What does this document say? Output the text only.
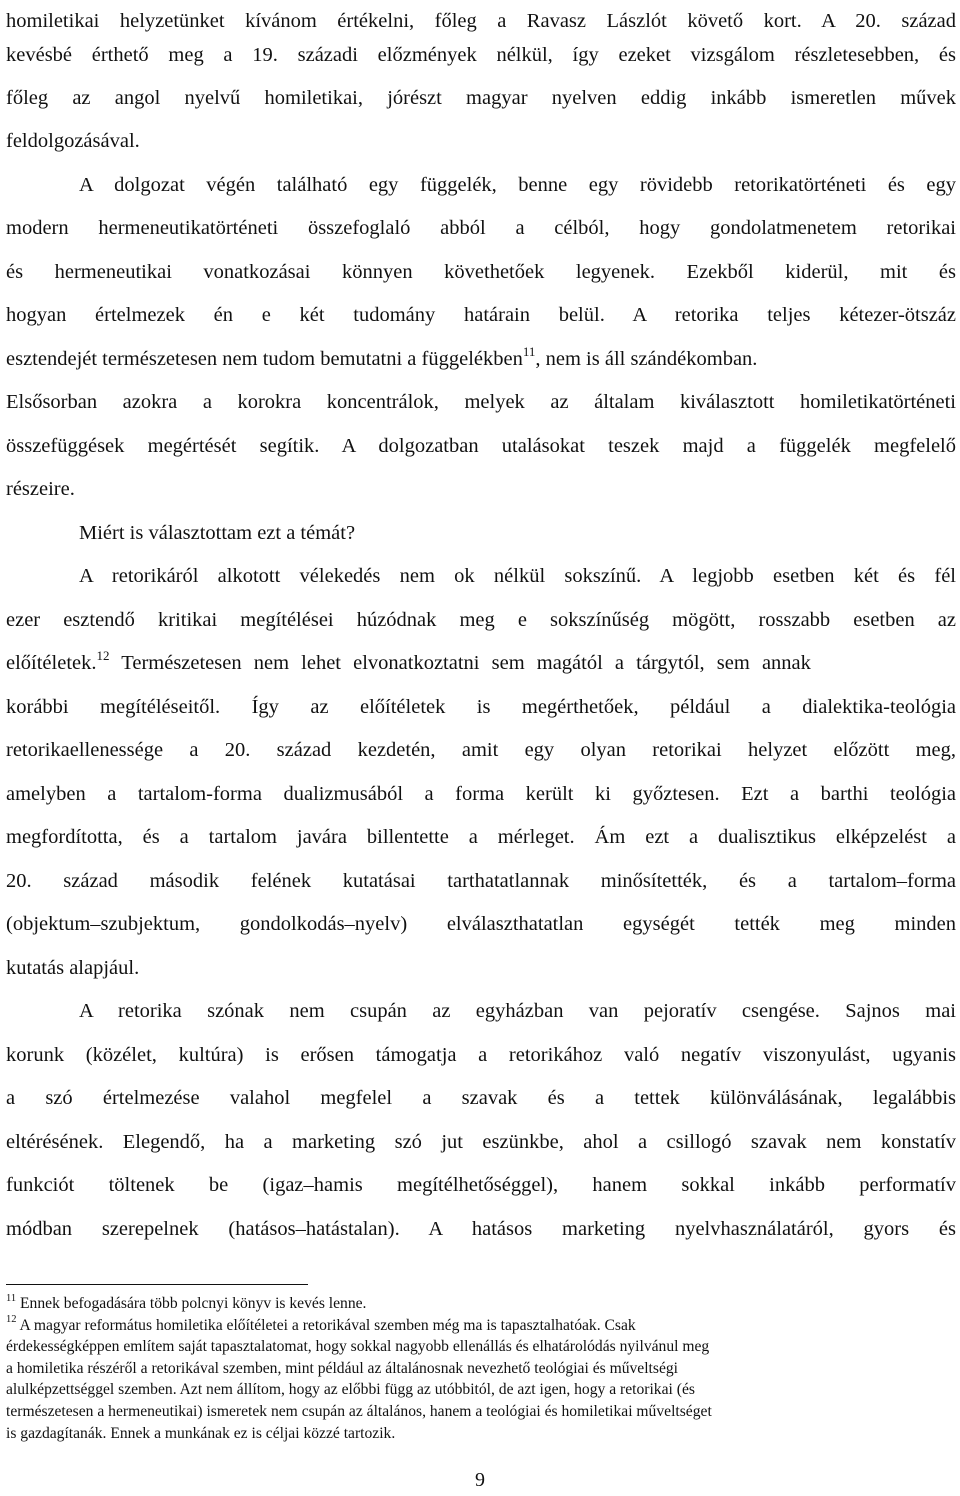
homiletikai helyzetünket kívánom értékelni, főleg a Ravasz Lászlót követő kort. A 20. század
kevésbé érthető meg a 19. századi előzmények nélkül, így ezeket vizsgálom részletesebben, és
főleg az angol nyelvű homiletikai, jórészt magyar nyelven eddig inkább ismeretlen művek
feldolgozásával.
A dolgozat végén található egy függelék, benne egy rövidebb retorikatörténeti és egy
modern hermeneutikatörténeti összefoglaló abból a célból, hogy gondolatmenetem retorikai
és hermeneutikai vonatkozásai könnyen követhetőek legyenek. Ezekből kiderül, mit és
hogyan értelmezek én e két tudomány határain belül. A retorika teljes kétezer-ötszáz
esztendejét természetesen nem tudom bemutatni a függelékben$^{11}$, nem is áll szándékomban.
Elsősorban azokra a korokra koncentrálok, melyek az általam kiválasztott homiletikatörténeti
összefüggések megértését segítik. A dolgozatban utalásokat teszek majd a függelék megfelelő
részeire.
Miért is választottam ezt a témát?
A retorikáról alkotott vélekedés nem ok nélkül sokszínű. A legjobb esetben két és fél
ezer esztendő kritikai megítélései húzódnak meg e sokszínűség mögött, rosszabb esetben az
előítéletek.$^{12}$ Természetesen nem lehet elvonatkoztatni sem magától a tárgytól, sem annak
korábbi megítéléseitől. Így az előítéletek is megérthetőek, például a dialektika-teológia
retorikaellenessége a 20. század kezdetén, amit egy olyan retorikai helyzet előzött meg,
amelyben a tartalom-forma dualizmusából a forma került ki győztesen. Ezt a barthi teológia
megfordította, és a tartalom javára billentette a mérleget. Ám ezt a dualisztikus elképzelést a
20. század második felének kutatásai tarthatatlannak minősítették, és a tartalom–forma
(objektum–szubjektum, gondolkodás–nyelv) elválaszthatatlan egységét tették meg minden
kutatás alapjául.
A retorika szónak nem csupán az egyházban van pejoratív csengése. Sajnos mai
korunk (közélet, kultúra) is erősen támogatja a retorikához való negatív viszonyulást, ugyanis
a szó értelmezése valahol megfelel a szavak és a tettek különválásának, legalábbis
eltérésének. Elegendő, ha a marketing szó jut eszünkbe, ahol a csillogó szavak nem konstatív
funkciót töltenek be (igaz–hamis megítélhetőséggel), hanem sokkal inkább performatív
módban szerepelnek (hatásos–hatástalan). A hatásos marketing nyelvhasználatáról, gyors és
$^{11}$ Ennek befogadására több polcnyi könyv is kevés lenne.
$^{12}$ A magyar református homiletika előítéletei a retorikával szemben még ma is tapasztalhatóak. Csak
érdekességképpen említem saját tapasztalatomat, hogy sokkal nagyobb ellenállás és elhatárolódás nyilvánul meg
a homiletika részéről a retorikával szemben, mint például az általánosnak nevezhető teológiai és műveltségi
alulképzettséggel szemben. Azt nem állítom, hogy az előbbi függ az utóbbitól, de azt igen, hogy a retorikai (és
természetesen a hermeneutikai) ismeretek nem csupán az általános, hanem a teológiai és homiletikai műveltséget
is gazdagítanák. Ennek a munkának ez is céljai közzé tartozik.
9
